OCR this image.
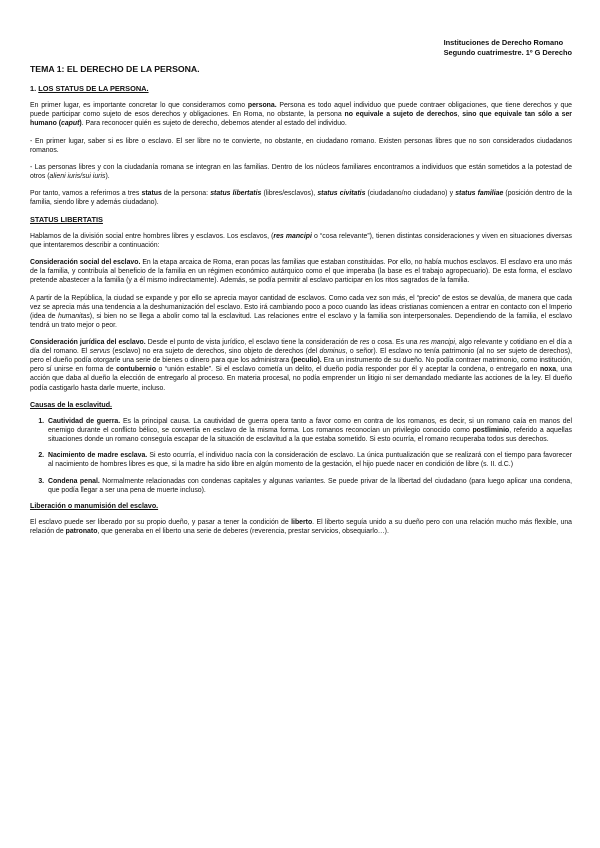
Instituciones de Derecho Romano
Segundo cuatrimestre. 1º G Derecho
TEMA 1: EL DERECHO DE LA PERSONA.
1. LOS STATUS DE LA PERSONA.

En primer lugar, es importante concretar lo que consideramos como persona. Persona es todo aquel individuo que puede contraer obligaciones, que tiene derechos y que puede participar como sujeto de esos derechos y obligaciones. En Roma, no obstante, la persona no equivale a sujeto de derechos, sino que equivale tan sólo a ser humano (caput). Para reconocer quién es sujeto de derecho, debemos atender al estado del individuo.

- En primer lugar, saber si es libre o esclavo. El ser libre no te convierte, no obstante, en ciudadano romano. Existen personas libres que no son considerados ciudadanos romanos.

- Las personas libres y con la ciudadanía romana se integran en las familias. Dentro de los núcleos familiares encontramos a individuos que están sometidos a la potestad de otros (alieni iuris/sui iuris).

Por tanto, vamos a referirnos a tres status de la persona: status libertatis (libres/esclavos), status civitatis (ciudadano/no ciudadano) y status familiae (posición dentro de la familia, siendo libre y además ciudadano).

STATUS LIBERTATIS

Hablamos de la división social entre hombres libres y esclavos. Los esclavos, (res mancipi o “cosa relevante”), tienen distintas consideraciones y viven en situaciones diversas que intentaremos describir a continuación:

Consideración social del esclavo. En la etapa arcaica de Roma, eran pocas las familias que estaban constituidas. Por ello, no había muchos esclavos. El esclavo era uno más de la familia, y contribuía al beneficio de la familia en un régimen económico autárquico como el que imperaba (la base es el trabajo agropecuario). De esta forma, el esclavo pretende abastecer a la familia (y a él mismo indirectamente). Además, se podía permitir al esclavo participar en los ritos sagrados de la familia.

A partir de la República, la ciudad se expande y por ello se aprecia mayor cantidad de esclavos. Como cada vez son más, el “precio” de estos se devalúa, de manera que cada vez se aprecia más una tendencia a la deshumanización del esclavo. Esto irá cambiando poco a poco cuando las ideas cristianas comiencen a entrar en contacto con el Imperio (idea de humanitas), si bien no se llega a abolir como tal la esclavitud. Las relaciones entre el esclavo y la familia son interpersonales. Dependiendo de la familia, el esclavo tendrá un trato mejor o peor.

Consideración jurídica del esclavo. Desde el punto de vista jurídico, el esclavo tiene la consideración de res o cosa. Es una res mancipi, algo relevante y cotidiano en el día a día del romano. El servus (esclavo) no era sujeto de derechos, sino objeto de derechos (del dominus, o señor). El esclavo no tenía patrimonio (al no ser sujeto de derechos), pero el dueño podía otorgarle una serie de bienes o dinero para que los administrara (peculio). Era un instrumento de su dueño. No podía contraer matrimonio, como institución, pero sí unirse en forma de contubernio o “unión estable”. Si el esclavo cometía un delito, el dueño podía responder por él y aceptar la condena, o entregarlo en noxa, una acción que daba al dueño la elección de entregarlo al proceso. En materia procesal, no podía emprender un litigio ni ser demandado mediante las acciones de la ley. El dueño podía castigarlo hasta darle muerte, incluso.

Causas de la esclavitud.
1. Cautividad de guerra. Es la principal causa. La cautividad de guerra opera tanto a favor como en contra de los romanos, es decir, si un romano caía en manos del enemigo durante el conflicto bélico, se convertía en esclavo de la misma forma. Los romanos reconocían un privilegio conocido como postliminio, referido a aquellas situaciones donde un romano conseguía escapar de la situación de esclavitud a la que estaba sometido. Si esto ocurría, el romano recuperaba todos sus derechos.
2. Nacimiento de madre esclava. Si esto ocurría, el individuo nacía con la consideración de esclavo. La única puntualización que se realizará con el tiempo para favorecer al nacimiento de hombres libres es que, si la madre ha sido libre en algún momento de la gestación, el hijo puede nacer en condición de libre (s. II. d.C.)
3. Condena penal. Normalmente relacionadas con condenas capitales y algunas variantes. Se puede privar de la libertad del ciudadano (para luego aplicar una condena, que podía llegar a ser una pena de muerte incluso).
Liberación o manumisión del esclavo.

El esclavo puede ser liberado por su propio dueño, y pasar a tener la condición de liberto. El liberto seguía unido a su dueño pero con una relación mucho más flexible, una relación de patronato, que generaba en el liberto una serie de deberes (reverencia, prestar servicios, obsequiarlo…).
